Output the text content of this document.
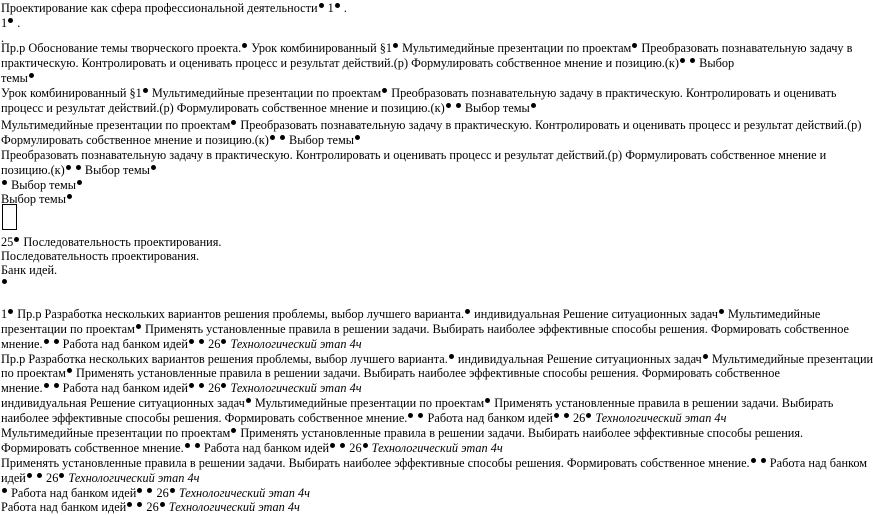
Проектирование как сфера профессиональной деятельности 1 .
1 .
.
Пр.р Обоснование темы творческого проекта. Урок комбинированный §1 Мультимедийные презентации по проектам Преобразовать познавательную задачу в
практическую. Контролировать и оценивать процесс и результат действий.(р) Формулировать собственное мнение и позицию.(к) Выбор
темы
Урок комбинированный §1 Мультимедийные презентации по проектам Преобразовать познавательную задачу в практическую. Контролировать и оценивать
процесс и результат действий.(р) Формулировать собственное мнение и позицию.(к) Выбор темы
Мультимедийные презентации по проектам Преобразовать познавательную задачу в практическую. Контролировать и оценивать процесс и результат действий.(р)
Формулировать собственное мнение и позицию.(к) Выбор темы
Преобразовать познавательную задачу в практическую. Контролировать и оценивать процесс и результат действий.(р) Формулировать собственное мнение и
позицию.(к) Выбор темы
Выбор темы
Выбор темы
25 Последовательность проектирования.
Последовательность проектирования.
Банк идей.
1 Пр.р Разработка нескольких вариантов решения проблемы, выбор лучшего варианта. индивидуальная Решение ситуационных задач Мультимедийные
презентации по проектам Применять установленные правила в решении задачи. Выбирать наиболее эффективные способы решения. Формировать собственное
мнение. Работа над банком идей 26 Технологический этап 4ч
Пр.р Разработка нескольких вариантов решения проблемы, выбор лучшего варианта. индивидуальная Решение ситуационных задач Мультимедийные презентации
по проектам Применять установленные правила в решении задачи. Выбирать наиболее эффективные способы решения. Формировать собственное
мнение. Работа над банком идей 26 Технологический этап 4ч
индивидуальная Решение ситуационных задач Мультимедийные презентации по проектам Применять установленные правила в решении задачи. Выбирать
наиболее эффективные способы решения. Формировать собственное мнение. Работа над банком идей 26 Технологический этап 4ч
Мультимедийные презентации по проектам Применять установленные правила в решении задачи. Выбирать наиболее эффективные способы решения.
Формировать собственное мнение. Работа над банком идей 26 Технологический этап 4ч
Применять установленные правила в решении задачи. Выбирать наиболее эффективные способы решения. Формировать собственное мнение. Работа над банком
идей 26 Технологический этап 4ч
Работа над банком идей 26 Технологический этап 4ч
Работа над банком идей 26 Технологический этап 4ч
